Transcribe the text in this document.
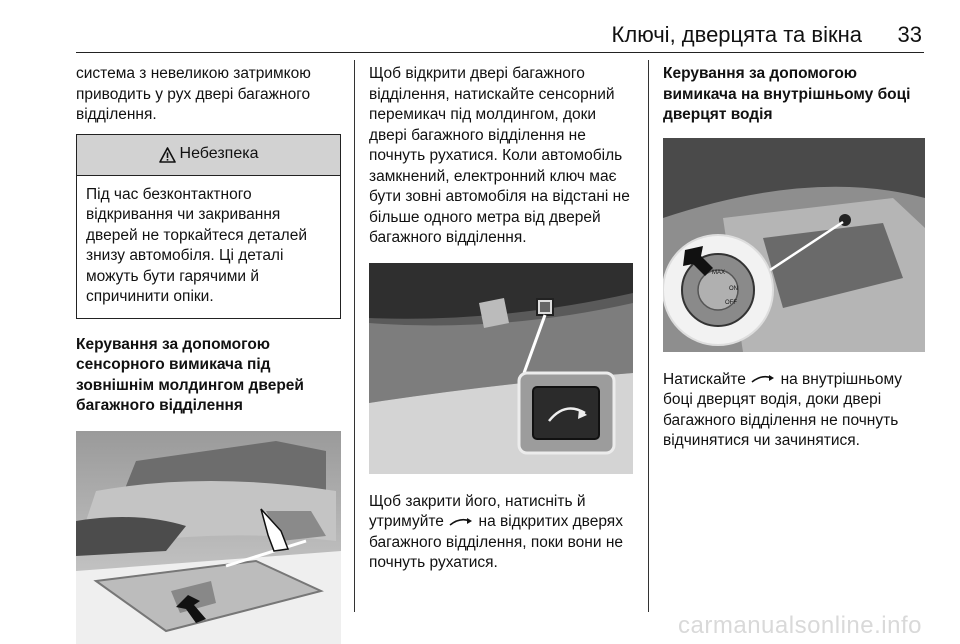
Ключі, дверцята та вікна 33

система з невеликою затримкою приводить у рух двері багажного відділення.

Небезпека
Під час безконтактного відкривання чи закривання дверей не торкайтеся деталей знизу автомобіля. Ці деталі можуть бути гарячими й спричинити опіки.

Керування за допомогою сенсорного вимикача під зовнішнім молдингом дверей багажного відділення

Щоб відкрити двері багажного відділення, натискайте сенсорний перемикач під молдингом, доки двері багажного відділення не почнуть рухатися. Коли автомобіль замкнений, електронний ключ має бути зовні автомобіля на відстані не більше одного метра від дверей багажного відділення.

Щоб закрити його, натисніть й утримуйте на відкритих дверях багажного відділення, поки вони не почнуть рухатися.

Керування за допомогою вимикача на внутрішньому боці дверцят водія

MAX
ON
OFF

Натискайте на внутрішньому боці дверцят водія, доки двері багажного відділення не почнуть відчинятися чи зачинятися.

carmanualsonline.info
